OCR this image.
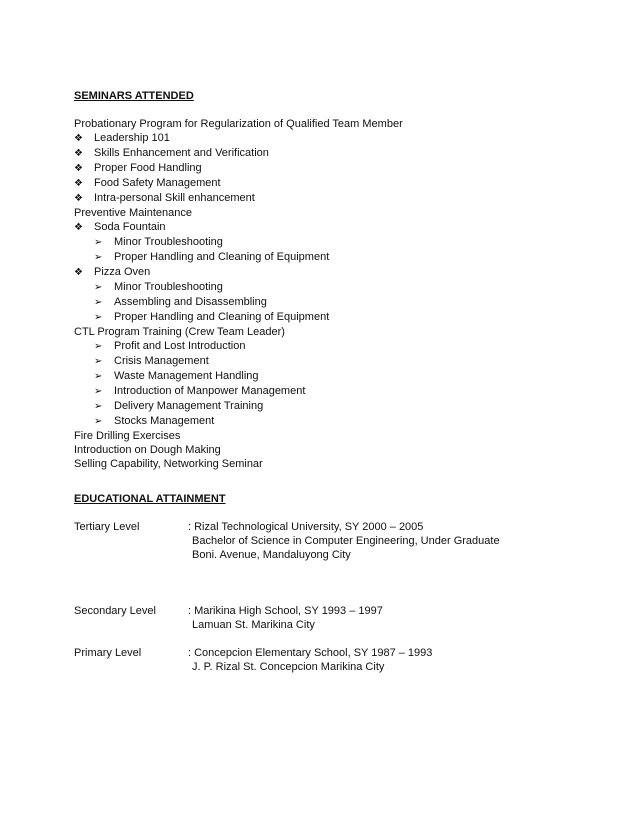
SEMINARS ATTENDED
Probationary Program for Regularization of Qualified Team Member
❖ Leadership 101
❖ Skills Enhancement and Verification
❖ Proper Food Handling
❖ Food Safety Management
❖ Intra-personal Skill enhancement
Preventive Maintenance
❖ Soda Fountain
➢ Minor Troubleshooting
➢ Proper Handling and Cleaning of Equipment
❖ Pizza Oven
➢ Minor Troubleshooting
➢ Assembling and Disassembling
➢ Proper Handling and Cleaning of Equipment
CTL Program Training (Crew Team Leader)
➢ Profit and Lost Introduction
➢ Crisis Management
➢ Waste Management Handling
➢ Introduction of Manpower Management
➢ Delivery Management Training
➢ Stocks Management
Fire Drilling Exercises
Introduction on Dough Making
Selling Capability, Networking Seminar
EDUCATIONAL ATTAINMENT
Tertiary Level	: Rizal Technological University, SY 2000 – 2005
Bachelor of Science in Computer Engineering, Under Graduate
Boni. Avenue, Mandaluyong City
Secondary Level	: Marikina High School, SY 1993 – 1997
Lamuan St. Marikina City
Primary Level	: Concepcion Elementary School, SY 1987 – 1993
J. P. Rizal St. Concepcion Marikina City
